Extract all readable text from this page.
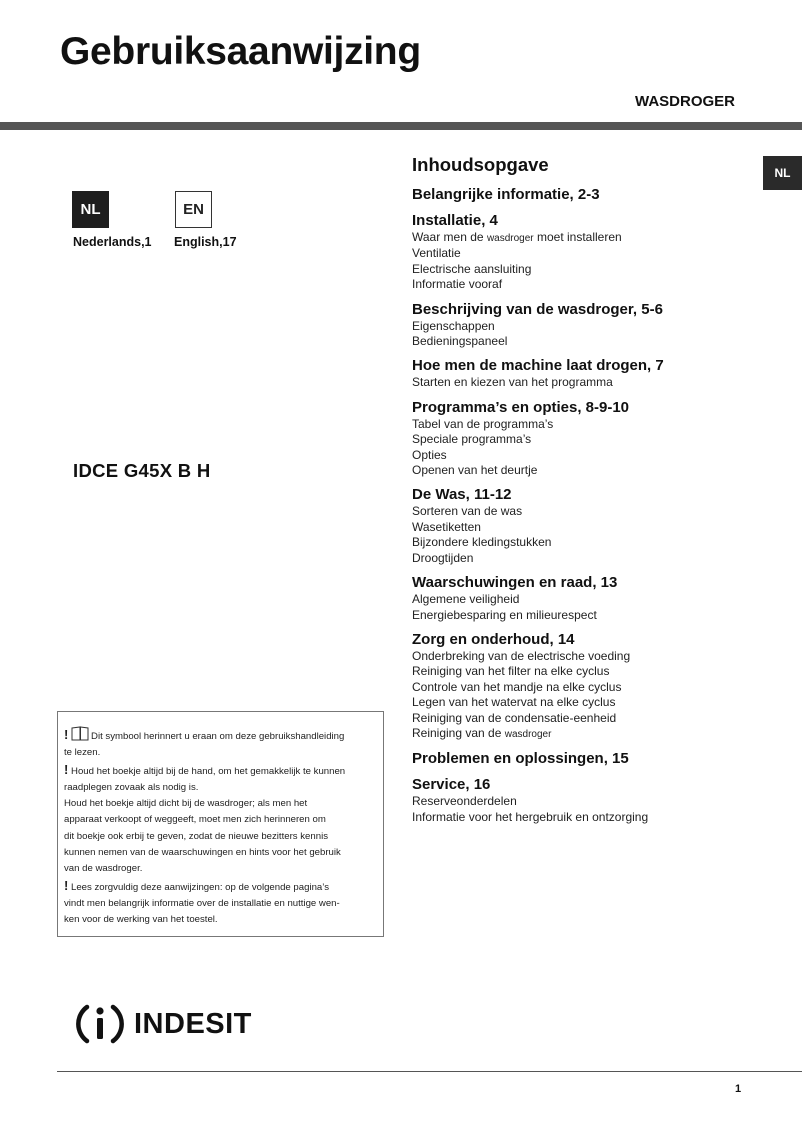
Gebruiksaanwijzing
WASDROGER
NL	EN
Nederlands,1 English,17
IDCE G45X B H
NL
Inhoudsopgave
Belangrijke informatie, 2-3
Installatie, 4
Waar men de wasdroger moet installeren
Ventilatie
Electrische aansluiting
Informatie vooraf
Beschrijving van de wasdroger, 5-6
Eigenschappen
Bedieningspaneel
Hoe men de machine laat drogen, 7
Starten en kiezen van het programma
Programma’s en opties, 8-9-10
Tabel van de programma’s
Speciale programma’s
Opties
Openen van het deurtje
De Was, 11-12
Sorteren van de was
Wasetiketten
Bijzondere kledingstukken
Droogtijden
Waarschuwingen en raad, 13
Algemene veiligheid
Energiebesparing en milieurespect
Zorg en onderhoud, 14
Onderbreking van de electrische voeding
Reiniging van het filter na elke cyclus
Controle van het mandje na elke cyclus
Legen van het watervat na elke cyclus
Reiniging van de condensatie-eenheid
Reiniging van de wasdroger
Problemen en oplossingen, 15
Service, 16
Reserveonderdelen
Informatie voor het hergebruik en ontzorging
! Dit symbool herinnert u eraan om deze gebruikshandleiding
te lezen.
! Houd het boekje altijd bij de hand, om het gemakkelijk te kunnen
raadplegen zovaak als nodig is.
Houd het boekje altijd dicht bij de wasdroger; als men het
apparaat verkoopt of weggeeft, moet men zich herinneren om
dit boekje ook erbij te geven, zodat de nieuwe bezitters kennis
kunnen nemen van de waarschuwingen en hints voor het gebruik
van de wasdroger.
! Lees zorgvuldig deze aanwijzingen: op de volgende pagina’s
vindt men belangrijk informatie over de installatie en nuttige wen-
ken voor de werking van het toestel.
INDESIT
1
